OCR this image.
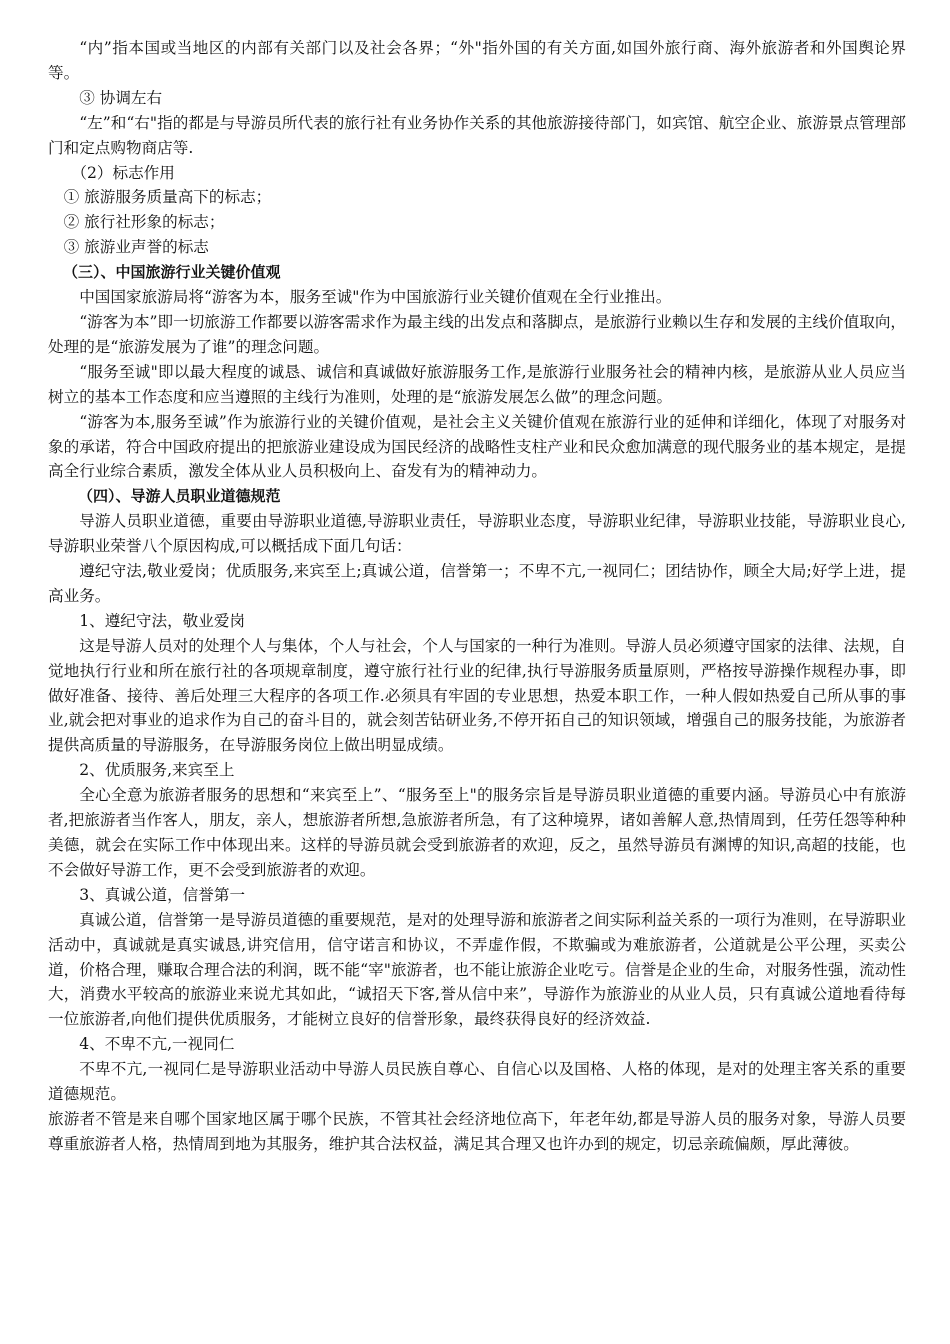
“内”指本国或当地区的内部有关部门以及社会各界；“外"指外国的有关方面,如国外旅行商、海外旅游者和外国舆论界等。

③ 协调左右

“左”和“右"指的都是与导游员所代表的旅行社有业务协作关系的其他旅游接待部门，如宾馆、航空企业、旅游景点管理部门和定点购物商店等.

（2）标志作用

① 旅游服务质量高下的标志；

② 旅行社形象的标志；

③ 旅游业声誉的标志

（三）、中国旅游行业关键价值观

中国国家旅游局将“游客为本，服务至诚"作为中国旅游行业关键价值观在全行业推出。

“游客为本”即一切旅游工作都要以游客需求作为最主线的出发点和落脚点，是旅游行业赖以生存和发展的主线价值取向，处理的是“旅游发展为了谁”的理念问题。

“服务至诚"即以最大程度的诚恳、诚信和真诚做好旅游服务工作,是旅游行业服务社会的精神内核，是旅游从业人员应当树立的基本工作态度和应当遵照的主线行为准则，处理的是“旅游发展怎么做”的理念问题。

“游客为本,服务至诚”作为旅游行业的关键价值观，是社会主义关键价值观在旅游行业的延伸和详细化，体现了对服务对象的承诺，符合中国政府提出的把旅游业建设成为国民经济的战略性支柱产业和民众愈加满意的现代服务业的基本规定，是提高全行业综合素质，激发全体从业人员积极向上、奋发有为的精神动力。

（四）、导游人员职业道德规范

导游人员职业道德，重要由导游职业道德,导游职业责任，导游职业态度，导游职业纪律，导游职业技能，导游职业良心,导游职业荣誉八个原因构成,可以概括成下面几句话：

遵纪守法,敬业爱岗；优质服务,来宾至上;真诚公道，信誉第一；不卑不亢,一视同仁；团结协作，顾全大局;好学上进，提高业务。

1、遵纪守法，敬业爱岗

这是导游人员对的处理个人与集体，个人与社会，个人与国家的一种行为准则。导游人员必须遵守国家的法律、法规，自觉地执行行业和所在旅行社的各项规章制度，遵守旅行社行业的纪律,执行导游服务质量原则，严格按导游操作规程办事，即做好准备、接待、善后处理三大程序的各项工作.必须具有牢固的专业思想，热爱本职工作，一种人假如热爱自己所从事的事业,就会把对事业的追求作为自己的奋斗目的，就会刻苦钻研业务,不停开拓自己的知识领域，增强自己的服务技能，为旅游者提供高质量的导游服务，在导游服务岗位上做出明显成绩。

2、优质服务,来宾至上

全心全意为旅游者服务的思想和“来宾至上”、“服务至上"的服务宗旨是导游员职业道德的重要内涵。导游员心中有旅游者,把旅游者当作客人，朋友，亲人，想旅游者所想,急旅游者所急，有了这种境界，诸如善解人意,热情周到，任劳任怨等种种美德，就会在实际工作中体现出来。这样的导游员就会受到旅游者的欢迎，反之，虽然导游员有渊博的知识,高超的技能，也不会做好导游工作，更不会受到旅游者的欢迎。

3、真诚公道，信誉第一

真诚公道，信誉第一是导游员道德的重要规范，是对的处理导游和旅游者之间实际利益关系的一项行为准则，在导游职业活动中，真诚就是真实诚恳,讲究信用，信守诺言和协议，不弄虚作假，不欺骗或为难旅游者，公道就是公平公理，买卖公道，价格合理，赚取合理合法的利润，既不能“宰"旅游者，也不能让旅游企业吃亏。信誉是企业的生命，对服务性强，流动性大，消费水平较高的旅游业来说尤其如此，“诚招天下客,誉从信中来”，导游作为旅游业的从业人员，只有真诚公道地看待每一位旅游者,向他们提供优质服务，才能树立良好的信誉形象，最终获得良好的经济效益.

4、不卑不亢,一视同仁

不卑不亢,一视同仁是导游职业活动中导游人员民族自尊心、自信心以及国格、人格的体现，是对的处理主客关系的重要道德规范。

旅游者不管是来自哪个国家地区属于哪个民族，不管其社会经济地位高下，年老年幼,都是导游人员的服务对象，导游人员要尊重旅游者人格，热情周到地为其服务，维护其合法权益，满足其合理又也许办到的规定，切忌亲疏偏颇，厚此薄彼。
